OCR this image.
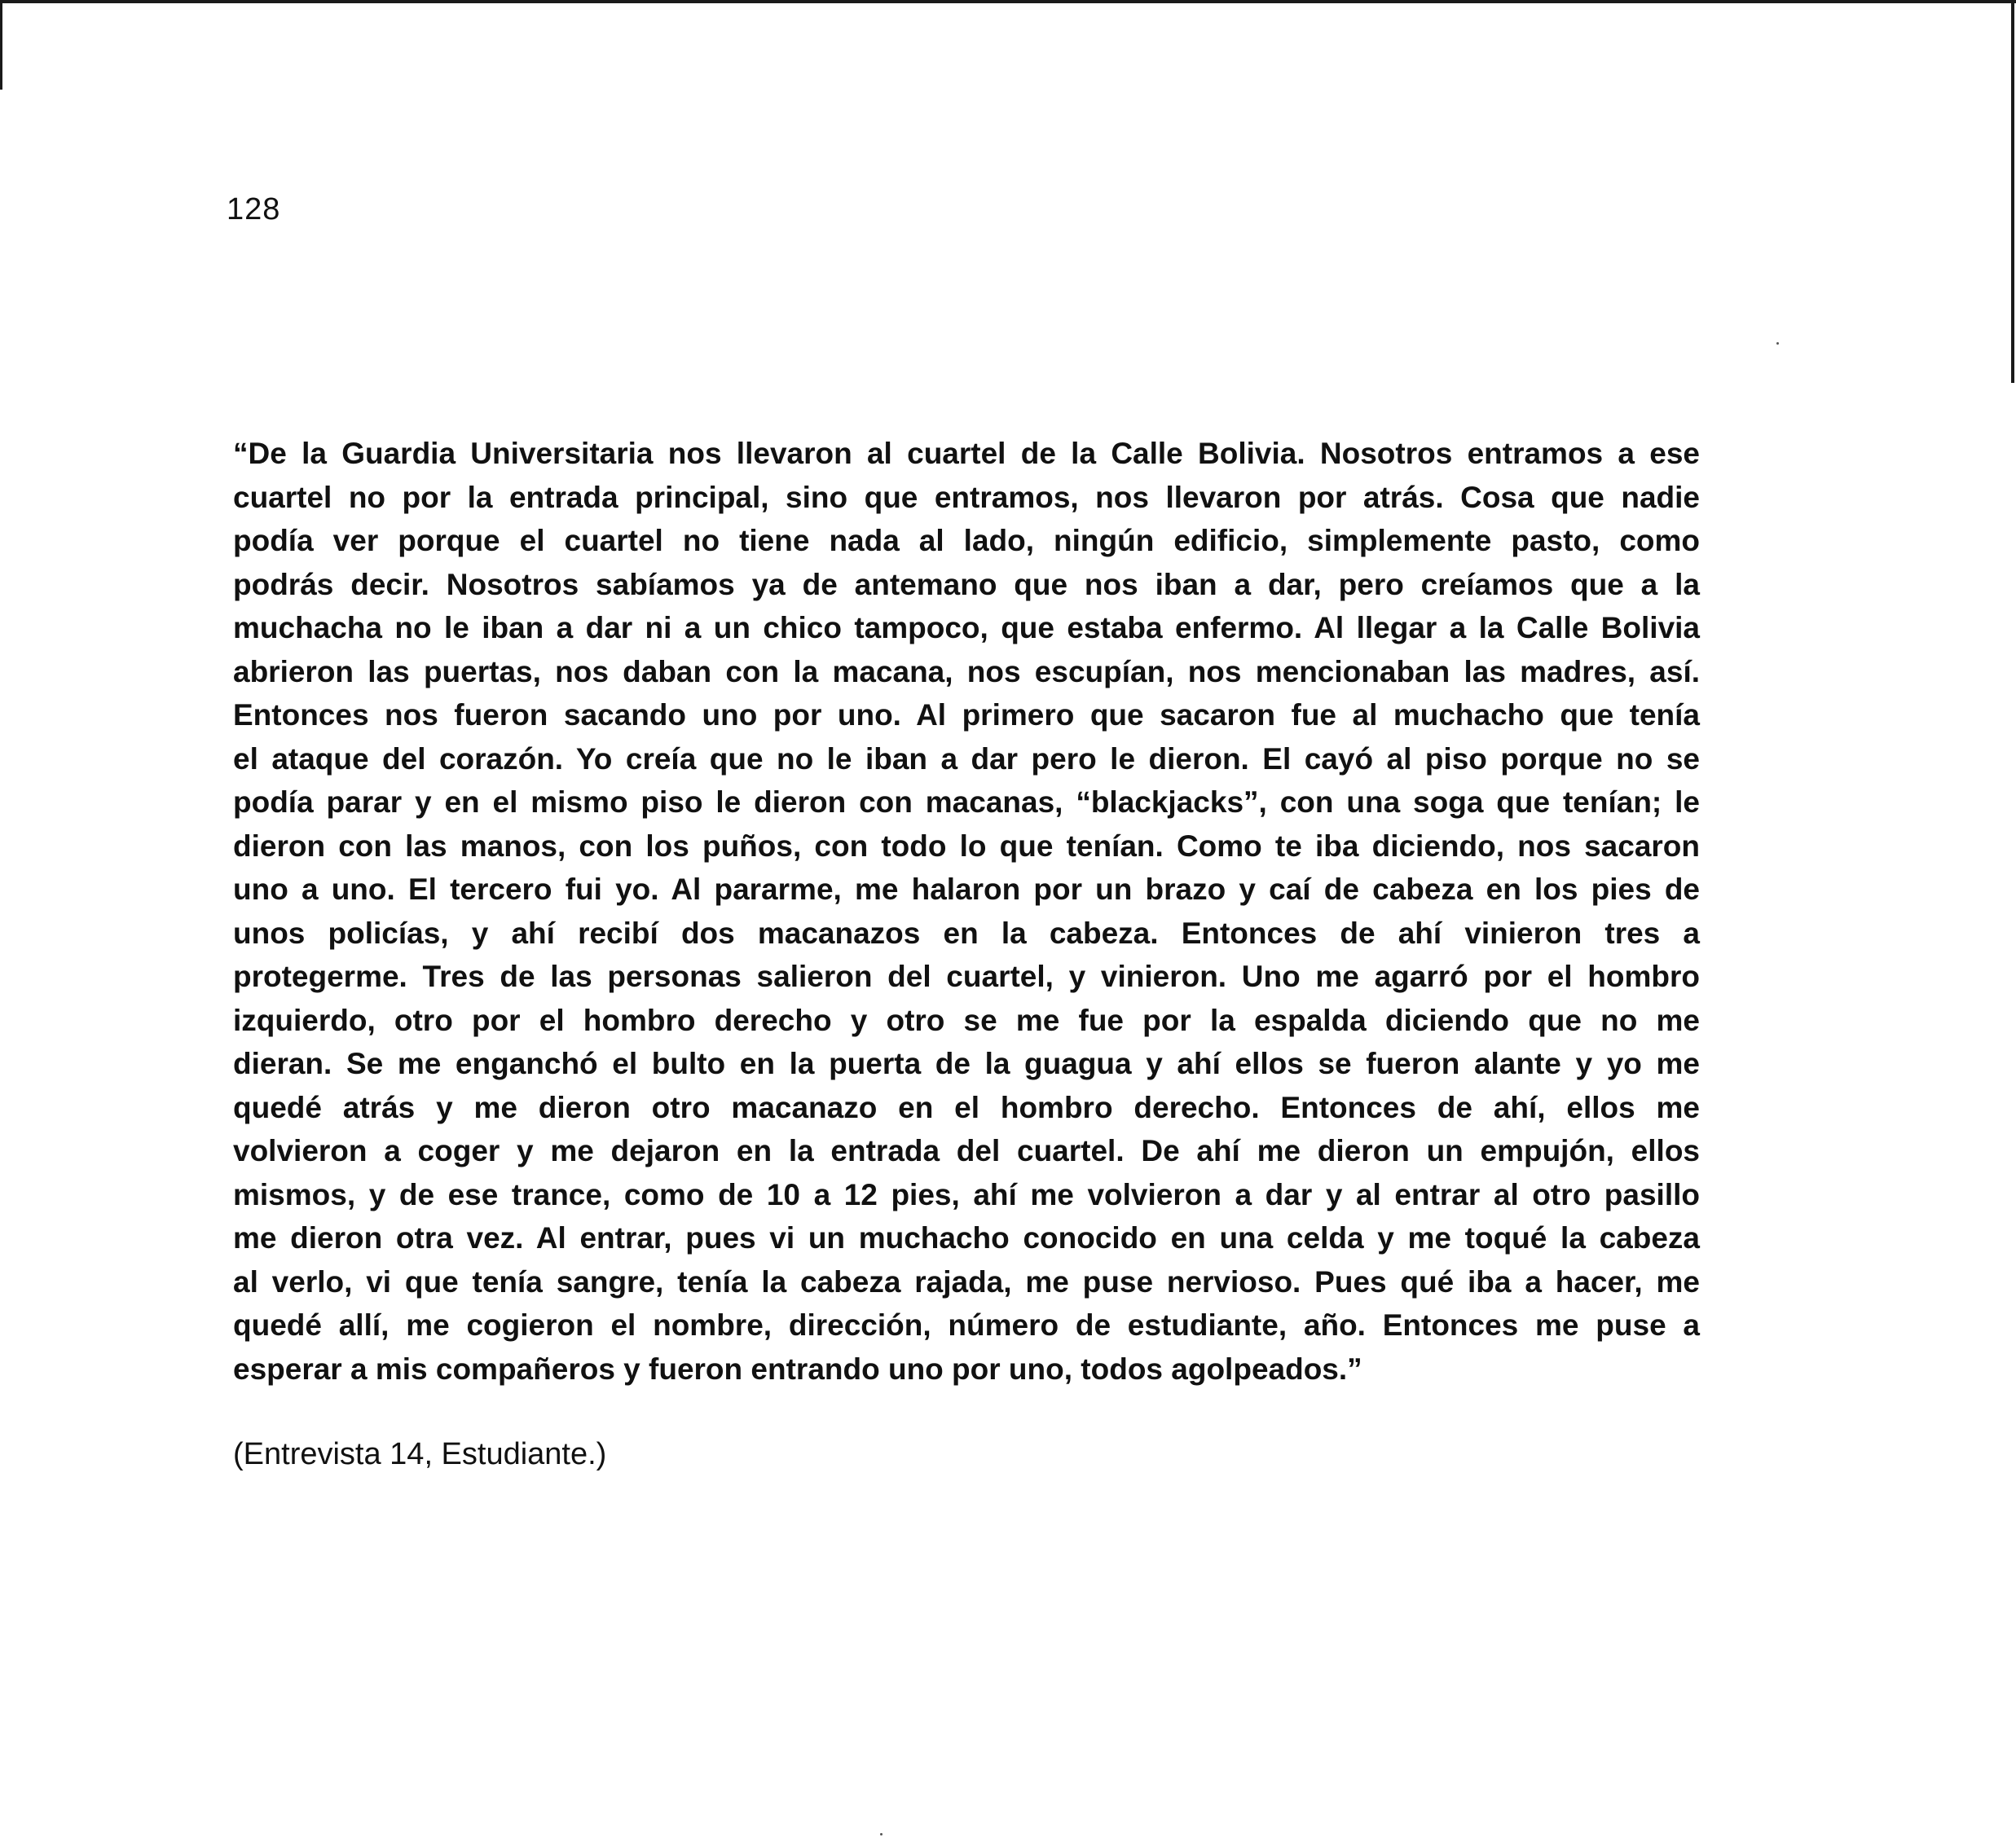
128
“De la Guardia Universitaria nos llevaron al cuartel de la Calle Bolivia. Nosotros entramos a ese
cuartel no por la entrada principal, sino que entramos, nos llevaron por atrás. Cosa que nadie
podía ver porque el cuartel no tiene nada al lado, ningún edificio, simplemente pasto, como
podrás decir. Nosotros sabíamos ya de antemano que nos iban a dar, pero creíamos que a la
muchacha no le iban a dar ni a un chico tampoco, que estaba enfermo. Al llegar a la Calle Bolivia
abrieron las puertas, nos daban con la macana, nos escupían, nos mencionaban las madres, así.
Entonces nos fueron sacando uno por uno. Al primero que sacaron fue al muchacho que tenía
el ataque del corazón. Yo creía que no le iban a dar pero le dieron. El cayó al piso porque no se
podía parar y en el mismo piso le dieron con macanas, “blackjacks”, con una soga que tenían; le
dieron con las manos, con los puños, con todo lo que tenían. Como te iba diciendo, nos sacaron
uno a uno. El tercero fui yo. Al pararme, me halaron por un brazo y caí de cabeza en los pies de
unos policías, y ahí recibí dos macanazos en la cabeza. Entonces de ahí vinieron tres a
protegerme. Tres de las personas salieron del cuartel, y vinieron. Uno me agarró por el hombro
izquierdo, otro por el hombro derecho y otro se me fue por la espalda diciendo que no me
dieran. Se me enganchó el bulto en la puerta de la guagua y ahí ellos se fueron alante y yo me
quedé atrás y me dieron otro macanazo en el hombro derecho. Entonces de ahí, ellos me
volvieron a coger y me dejaron en la entrada del cuartel. De ahí me dieron un empujón, ellos
mismos, y de ese trance, como de 10 a 12 pies, ahí me volvieron a dar y al entrar al otro pasillo
me dieron otra vez. Al entrar, pues vi un muchacho conocido en una celda y me toqué la cabeza
al verlo, vi que tenía sangre, tenía la cabeza rajada, me puse nervioso. Pues qué iba a hacer, me
quedé allí, me cogieron el nombre, dirección, número de estudiante, año. Entonces me puse a
esperar a mis compañeros y fueron entrando uno por uno, todos agolpeados.”
(Entrevista 14, Estudiante.)
